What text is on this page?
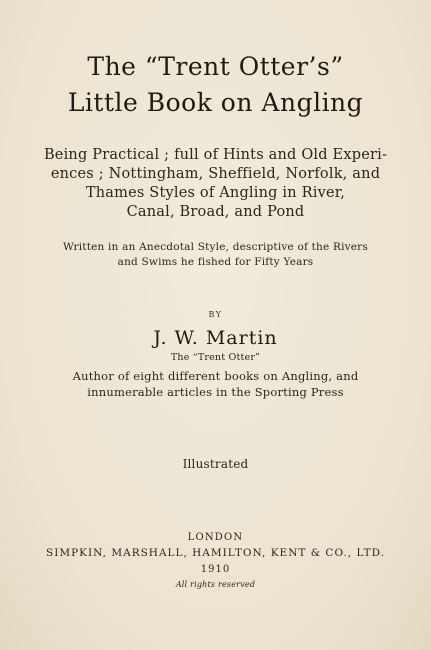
The “Trent Otter’s”
Little Book on Angling
Being Practical ; full of Hints and Old Experi-
ences ; Nottingham, Sheffield, Norfolk, and
Thames Styles of Angling in River,
Canal, Broad, and Pond
Written in an Anecdotal Style, descriptive of the Rivers
and Swims he fished for Fifty Years
BY
J. W. Martin
The “Trent Otter”
Author of eight different books on Angling, and
innumerable articles in the Sporting Press
Illustrated
LONDON
SIMPKIN, MARSHALL, HAMILTON, KENT & CO., LTD.
1910
All rights reserved
